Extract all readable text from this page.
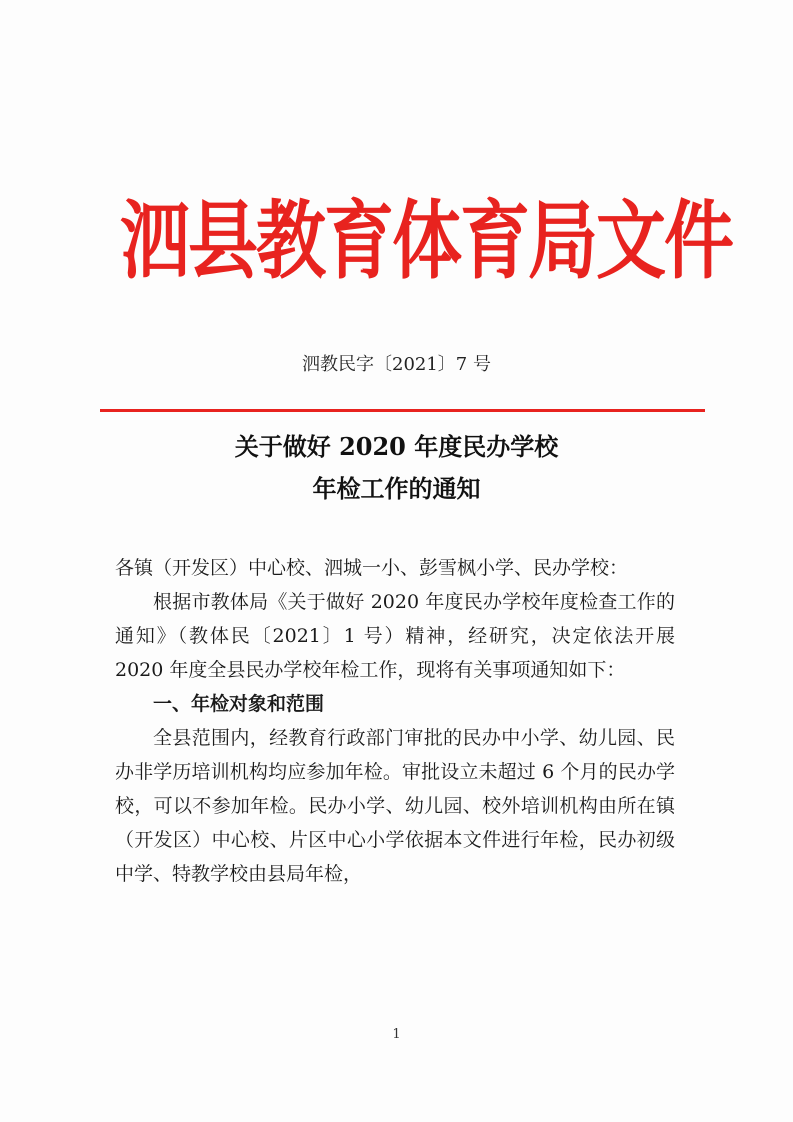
泗县教育体育局文件
泗教民字〔2021〕7 号
关于做好 2020 年度民办学校
年检工作的通知

各镇（开发区）中心校、泗城一小、彭雪枫小学、民办学校：

根据市教体局《关于做好 2020 年度民办学校年度检查工作的通知》（教体民〔2021〕1 号）精神，经研究，决定依法开展 2020 年度全县民办学校年检工作，现将有关事项通知如下：

一、年检对象和范围

全县范围内，经教育行政部门审批的民办中小学、幼儿园、民办非学历培训机构均应参加年检。审批设立未超过 6 个月的民办学校，可以不参加年检。民办小学、幼儿园、校外培训机构由所在镇（开发区）中心校、片区中心小学依据本文件进行年检，民办初级中学、特教学校由县局年检，

1
